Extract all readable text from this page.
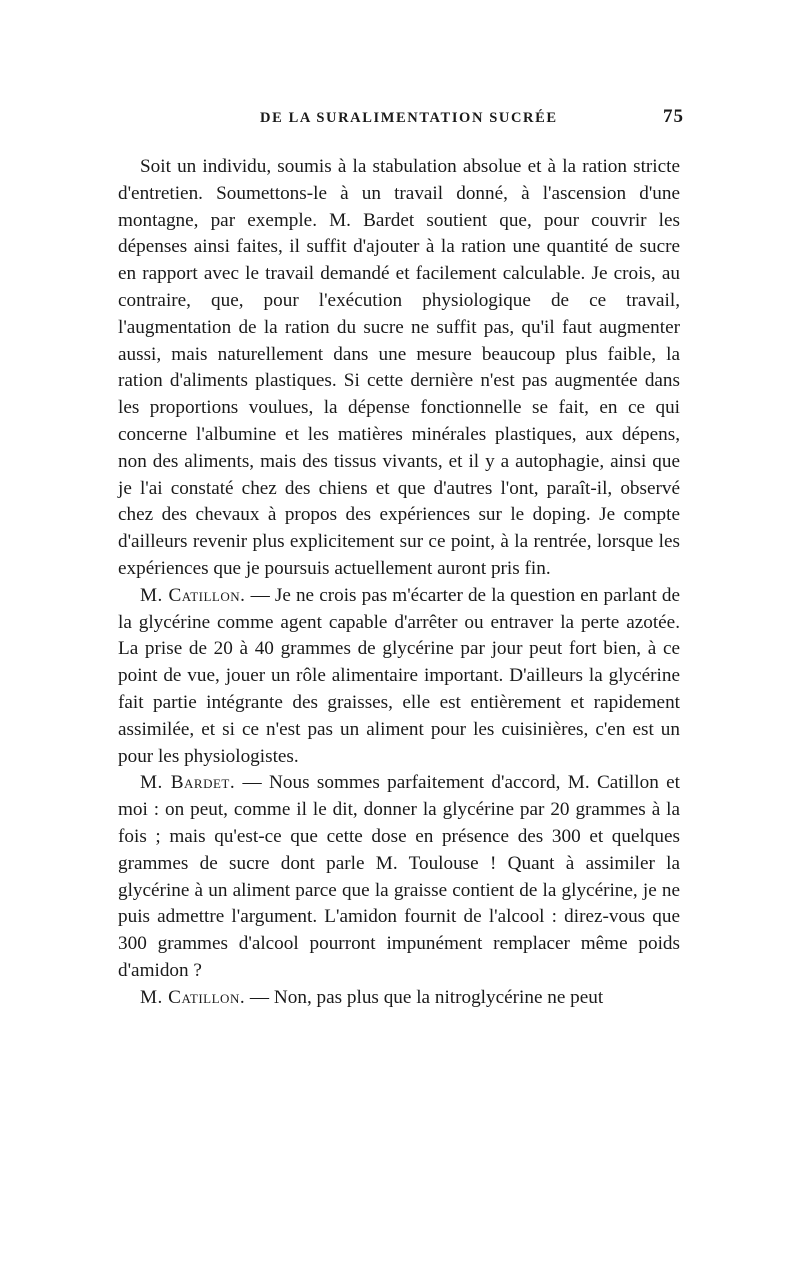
DE LA SURALIMENTATION SUCRÉE	75

Soit un individu, soumis à la stabulation absolue et à la ration stricte d'entretien. Soumettons-le à un travail donné, à l'ascension d'une montagne, par exemple. M. Bardet soutient que, pour couvrir les dépenses ainsi faites, il suffit d'ajouter à la ration une quantité de sucre en rapport avec le travail demandé et facilement calculable. Je crois, au contraire, que, pour l'exécution physiologique de ce travail, l'augmentation de la ration du sucre ne suffit pas, qu'il faut augmenter aussi, mais naturellement dans une mesure beaucoup plus faible, la ration d'aliments plastiques. Si cette dernière n'est pas augmentée dans les proportions voulues, la dépense fonctionnelle se fait, en ce qui concerne l'albumine et les matières minérales plastiques, aux dépens, non des aliments, mais des tissus vivants, et il y a autophagie, ainsi que je l'ai constaté chez des chiens et que d'autres l'ont, paraît-il, observé chez des chevaux à propos des expériences sur le doping. Je compte d'ailleurs revenir plus explicitement sur ce point, à la rentrée, lorsque les expériences que je poursuis actuellement auront pris fin.

M. Catillon. — Je ne crois pas m'écarter de la question en parlant de la glycérine comme agent capable d'arrêter ou entraver la perte azotée. La prise de 20 à 40 grammes de glycérine par jour peut fort bien, à ce point de vue, jouer un rôle alimentaire important. D'ailleurs la glycérine fait partie intégrante des graisses, elle est entièrement et rapidement assimilée, et si ce n'est pas un aliment pour les cuisinières, c'en est un pour les physiologistes.

M. Bardet. — Nous sommes parfaitement d'accord, M. Catillon et moi : on peut, comme il le dit, donner la glycérine par 20 grammes à la fois ; mais qu'est-ce que cette dose en présence des 300 et quelques grammes de sucre dont parle M. Toulouse ! Quant à assimiler la glycérine à un aliment parce que la graisse contient de la glycérine, je ne puis admettre l'argument. L'amidon fournit de l'alcool : direz-vous que 300 grammes d'alcool pourront impunément remplacer même poids d'amidon ?

M. Catillon. — Non, pas plus que la nitroglycérine ne peut
